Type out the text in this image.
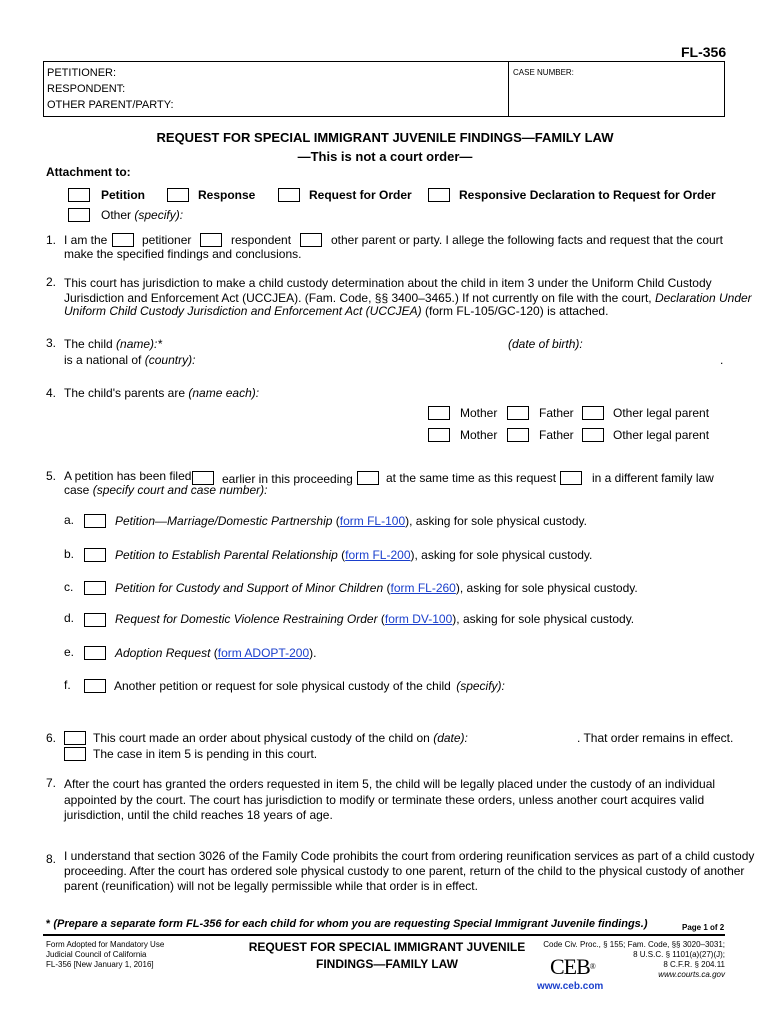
FL-356
PETITIONER:
RESPONDENT:
OTHER PARENT/PARTY:
CASE NUMBER:
REQUEST FOR SPECIAL IMMIGRANT JUVENILE FINDINGS—FAMILY LAW
—This is not a court order—
Attachment to:
Petition	Response	Request for Order	Responsive Declaration to Request for Order
Other (specify):
1. I am the	petitioner	respondent	other parent or party. I allege the following facts and request that the court
make the specified findings and conclusions.
2. This court has jurisdiction to make a child custody determination about the child in item 3 under the Uniform Child Custody
Jurisdiction and Enforcement Act (UCCJEA). (Fam. Code, §§ 3400–3465.) If not currently on file with the court, Declaration Under
Uniform Child Custody Jurisdiction and Enforcement Act (UCCJEA) (form FL-105/GC-120) is attached.
3. The child (name):*	(date of birth):
is a national of (country):	.
4. The child's parents are (name each):
Mother	Father	Other legal parent
Mother	Father	Other legal parent
5. A petition has been filed	earlier in this proceeding	at the same time as this request	in a different family law
case (specify court and case number):
a.	Petition—Marriage/Domestic Partnership (form FL-100), asking for sole physical custody.
b.	Petition to Establish Parental Relationship (form FL-200), asking for sole physical custody.
c.	Petition for Custody and Support of Minor Children (form FL-260), asking for sole physical custody.
d.	Request for Domestic Violence Restraining Order (form DV-100), asking for sole physical custody.
e.	Adoption Request (form ADOPT-200).
f.	Another petition or request for sole physical custody of the child (specify):
6.	This court made an order about physical custody of the child on (date):	. That order remains in effect.
The case in item 5 is pending in this court.
7. After the court has granted the orders requested in item 5, the child will be legally placed under the custody of an individual
appointed by the court. The court has jurisdiction to modify or terminate these orders, unless another court acquires valid
jurisdiction, until the child reaches 18 years of age.
8. I understand that section 3026 of the Family Code prohibits the court from ordering reunification services as part of a child custody
proceeding. After the court has ordered sole physical custody to one parent, return of the child to the physical custody of another
parent (reunification) will not be legally permissible while that order is in effect.
* (Prepare a separate form FL-356 for each child for whom you are requesting Special Immigrant Juvenile findings.)	Page 1 of 2
Form Adopted for Mandatory Use
Judicial Council of California
FL-356 [New January 1, 2016]
REQUEST FOR SPECIAL IMMIGRANT JUVENILE
FINDINGS—FAMILY LAW
Code Civ. Proc., § 155; Fam. Code, §§ 3020–3031;
8 U.S.C. § 1101(a)(27)(J);
8 C.F.R. § 204.11
www.courts.ca.gov
CEB®
www.ceb.com
